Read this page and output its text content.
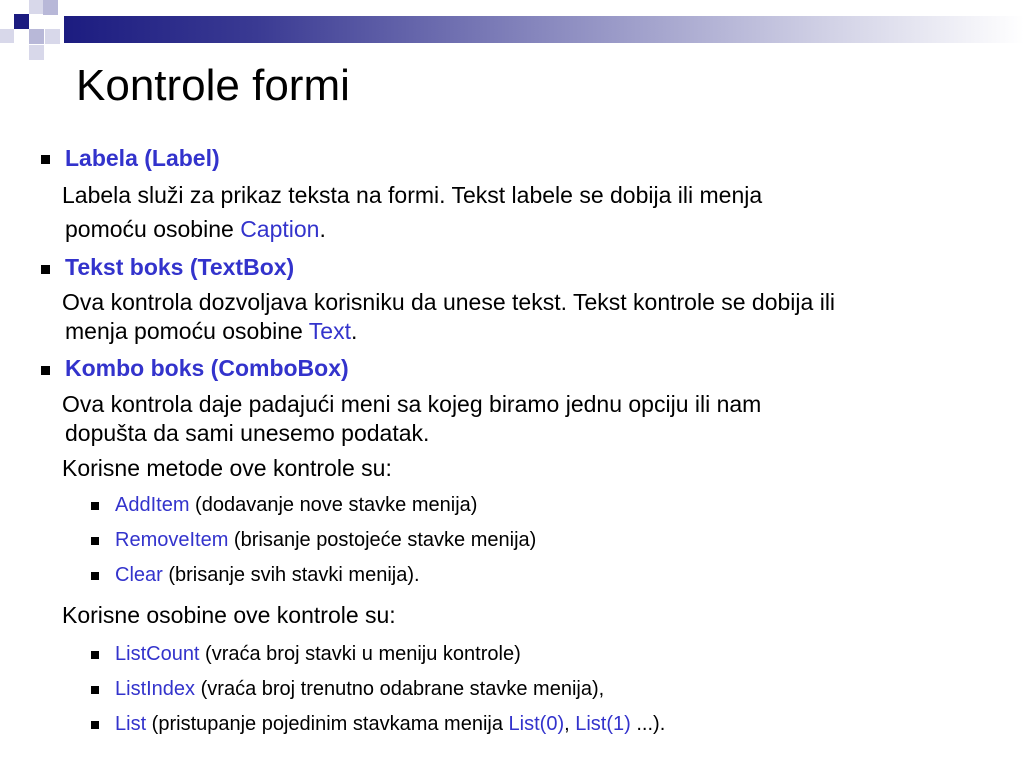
Kontrole formi
Labela (Label)
Labela služi za prikaz teksta na formi. Tekst labele se dobija ili menja
pomoću osobine Caption.
Tekst boks (TextBox)
Ova kontrola dozvoljava korisniku da unese tekst. Tekst kontrole se dobija ili
menja pomoću osobine Text.
Kombo boks (ComboBox)
Ova kontrola daje padajući meni sa kojeg biramo jednu opciju ili nam
dopušta da sami unesemo podatak.
Korisne metode ove kontrole su:
AddItem (dodavanje nove stavke menija)
RemoveItem (brisanje postojeće stavke menija)
Clear (brisanje svih stavki menija).
Korisne osobine ove kontrole su:
ListCount (vraća broj stavki u meniju kontrole)
ListIndex (vraća broj trenutno odabrane stavke menija),
List (pristupanje pojedinim stavkama menija List(0), List(1) ...).
